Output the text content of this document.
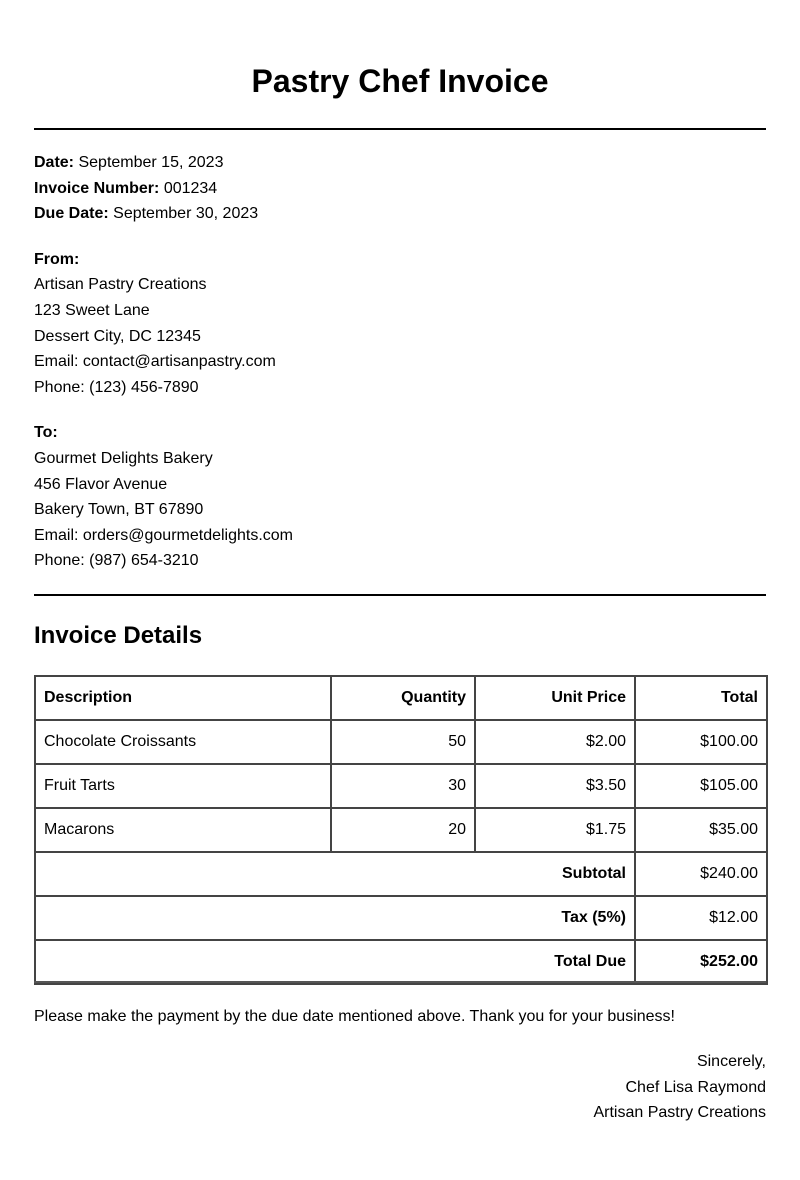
Pastry Chef Invoice
Date: September 15, 2023
Invoice Number: 001234
Due Date: September 30, 2023
From:
Artisan Pastry Creations
123 Sweet Lane
Dessert City, DC 12345
Email: contact@artisanpastry.com
Phone: (123) 456-7890
To:
Gourmet Delights Bakery
456 Flavor Avenue
Bakery Town, BT 67890
Email: orders@gourmetdelights.com
Phone: (987) 654-3210
Invoice Details
Description	Quantity	Unit Price	Total
Chocolate Croissants	50	$2.00	$100.00
Fruit Tarts	30	$3.50	$105.00
Macarons	20	$1.75	$35.00
Subtotal			$240.00
Tax (5%)			$12.00
Total Due			$252.00
Please make the payment by the due date mentioned above. Thank you for your business!
Sincerely,
Chef Lisa Raymond
Artisan Pastry Creations
